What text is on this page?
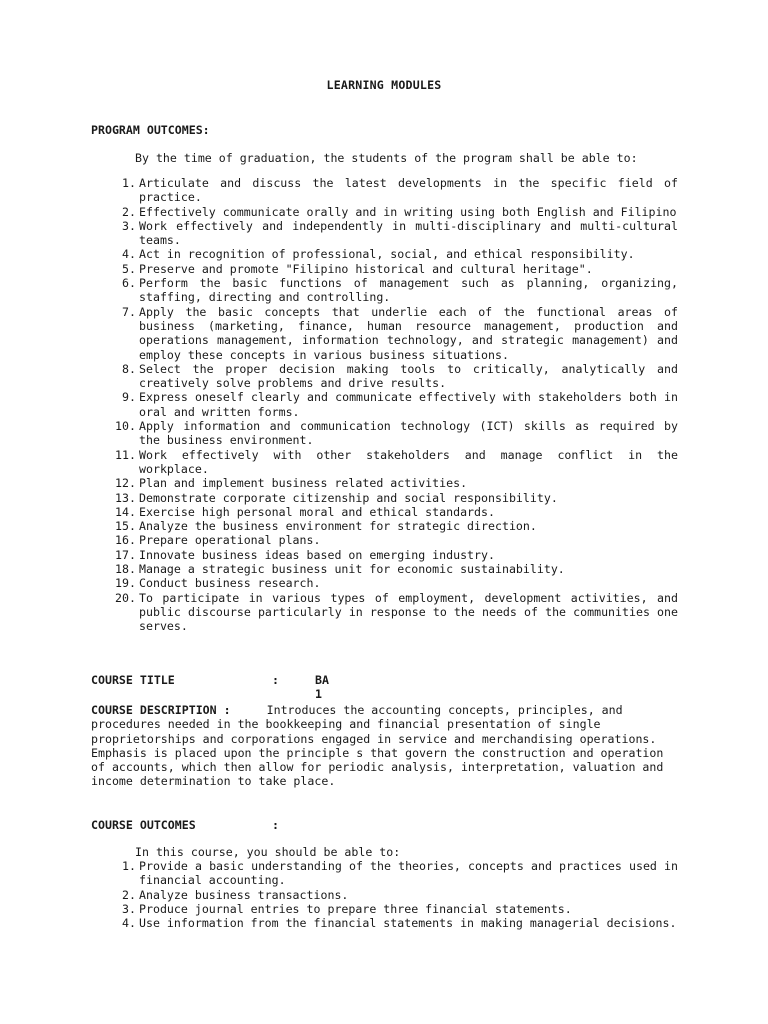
LEARNING MODULES
PROGRAM OUTCOMES:
By the time of graduation, the students of the program shall be able to:
1. Articulate and discuss the latest developments in the specific field of practice.
2. Effectively communicate orally and in writing using both English and Filipino
3. Work effectively and independently in multi-disciplinary and multi-cultural teams.
4. Act in recognition of professional, social, and ethical responsibility.
5. Preserve and promote "Filipino historical and cultural heritage".
6. Perform the basic functions of management such as planning, organizing, staffing, directing and controlling.
7. Apply the basic concepts that underlie each of the functional areas of business (marketing, finance, human resource management, production and operations management, information technology, and strategic management) and employ these concepts in various business situations.
8. Select the proper decision making tools to critically, analytically and creatively solve problems and drive results.
9. Express oneself clearly and communicate effectively with stakeholders both in oral and written forms.
10. Apply information and communication technology (ICT) skills as required by the business environment.
11. Work effectively with other stakeholders and manage conflict in the workplace.
12. Plan and implement business related activities.
13. Demonstrate corporate citizenship and social responsibility.
14. Exercise high personal moral and ethical standards.
15. Analyze the business environment for strategic direction.
16. Prepare operational plans.
17. Innovate business ideas based on emerging industry.
18. Manage a strategic business unit for economic sustainability.
19. Conduct business research.
20. To participate in various types of employment, development activities, and public discourse particularly in response to the needs of the communities one serves.
COURSE TITLE	:	BA 1
COURSE DESCRIPTION :	Introduces the accounting concepts, principles, and procedures needed in the bookkeeping and financial presentation of single proprietorships and corporations engaged in service and merchandising operations. Emphasis is placed upon the principle s that govern the construction and operation of accounts, which then allow for periodic analysis, interpretation, valuation and income determination to take place.
COURSE OUTCOMES	:
In this course, you should be able to:
1. Provide a basic understanding of the theories, concepts and practices used in financial accounting.
2. Analyze business transactions.
3. Produce journal entries to prepare three financial statements.
4. Use information from the financial statements in making managerial decisions.
